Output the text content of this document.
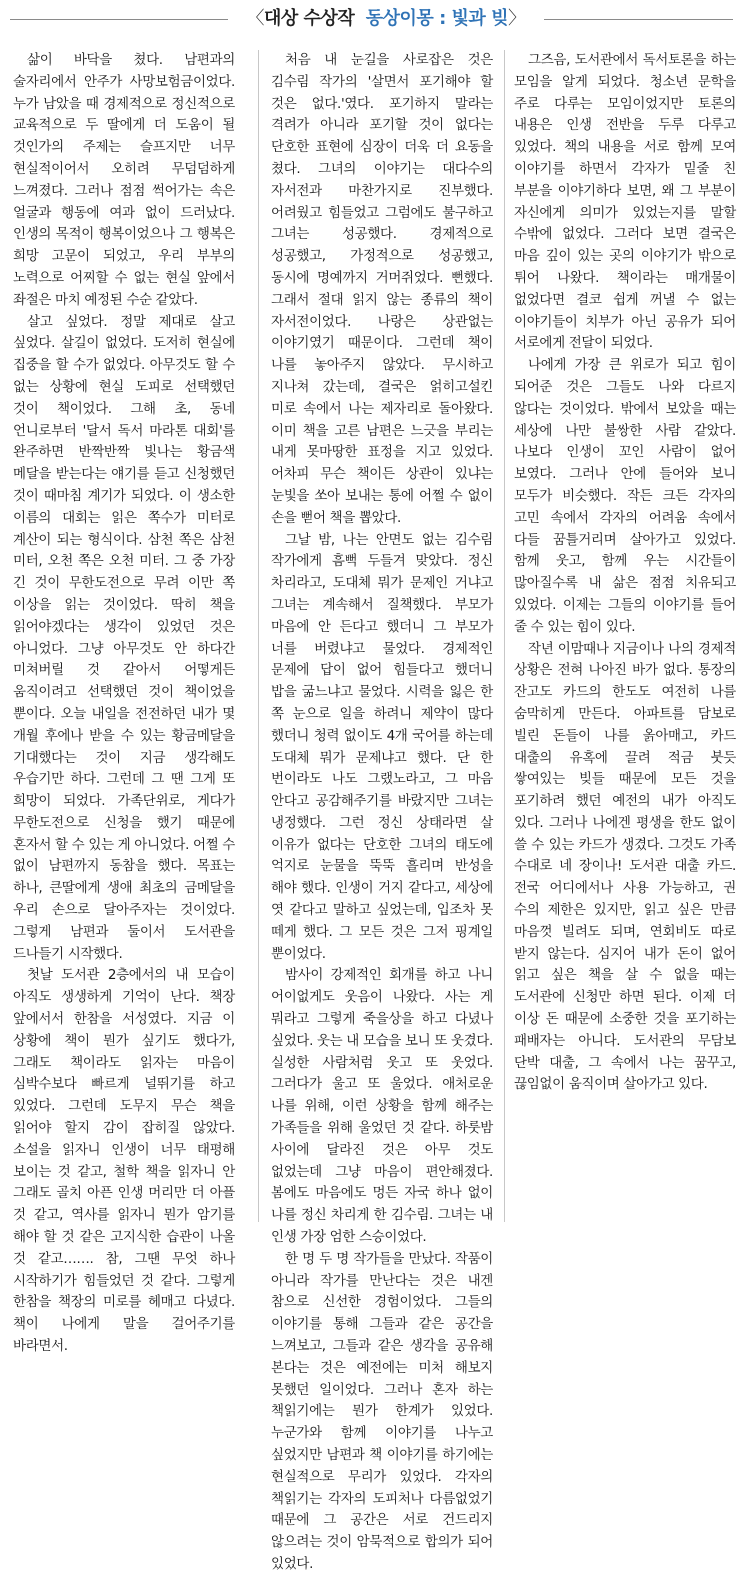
〈대상 수상작 동상이몽 : 빛과 빚〉

삶이 바닥을 쳤다. 남편과의 술자리에서 안주가 사망보험금이었다. 누가 남았을 때 경제적으로 정신적으로 교육적으로 두 딸에게 더 도움이 될 것인가의 주제는 슬프지만 너무 현실적이어서 오히려 무덤덤하게 느껴졌다. 그러나 점점 썩어가는 속은 얼굴과 행동에 여과 없이 드러났다. 인생의 목적이 행복이었으나 그 행복은 희망 고문이 되었고, 우리 부부의 노력으로 어찌할 수 없는 현실 앞에서 좌절은 마치 예정된 수순 같았다.

살고 싶었다. 정말 제대로 살고 싶었다. 살길이 없었다. 도저히 현실에 집중을 할 수가 없었다. 아무것도 할 수 없는 상황에 현실 도피로 선택했던 것이 책이었다. 그해 초, 동네 언니로부터 '달서 독서 마라톤 대회'를 완주하면 반짝반짝 빛나는 황금색 메달을 받는다는 얘기를 듣고 신청했던 것이 때마침 계기가 되었다. 이 생소한 이름의 대회는 읽은 쪽수가 미터로 계산이 되는 형식이다. 삼천 쪽은 삼천 미터, 오천 쪽은 오천 미터. 그 중 가장 긴 것이 무한도전으로 무려 이만 쪽 이상을 읽는 것이었다. 딱히 책을 읽어야겠다는 생각이 있었던 것은 아니었다. 그냥 아무것도 안 하다간 미쳐버릴 것 같아서 어떻게든 움직이려고 선택했던 것이 책이었을 뿐이다. 오늘 내일을 전전하던 내가 몇 개월 후에나 받을 수 있는 황금메달을 기대했다는 것이 지금 생각해도 우습기만 하다. 그런데 그 땐 그게 또 희망이 되었다. 가족단위로, 게다가 무한도전으로 신청을 했기 때문에 혼자서 할 수 있는 게 아니었다. 어쩔 수 없이 남편까지 동참을 했다. 목표는 하나, 큰딸에게 생애 최초의 금메달을 우리 손으로 달아주자는 것이었다. 그렇게 남편과 둘이서 도서관을 드나들기 시작했다.

첫날 도서관 2층에서의 내 모습이 아직도 생생하게 기억이 난다. 책장 앞에서서 한참을 서성였다. 지금 이 상황에 책이 뭔가 싶기도 했다가, 그래도 책이라도 읽자는 마음이 심박수보다 빠르게 널뛰기를 하고 있었다. 그런데 도무지 무슨 책을 읽어야 할지 감이 잡히질 않았다. 소설을 읽자니 인생이 너무 태평해 보이는 것 같고, 철학 책을 읽자니 안 그래도 골치 아픈 인생 머리만 더 아플 것 같고, 역사를 읽자니 뭔가 암기를 해야 할 것 같은 고지식한 습관이 나올 것 같고……. 참, 그땐 무엇 하나 시작하기가 힘들었던 것 같다. 그렇게 한참을 책장의 미로를 헤매고 다녔다. 책이 나에게 말을 걸어주기를 바라면서.

처음 내 눈길을 사로잡은 것은 김수림 작가의 '살면서 포기해야 할 것은 없다.'였다. 포기하지 말라는 격려가 아니라 포기할 것이 없다는 단호한 표현에 심장이 더욱 더 요동을 쳤다. 그녀의 이야기는 대다수의 자서전과 마찬가지로 진부했다. 어려웠고 힘들었고 그럼에도 불구하고 그녀는 성공했다. 경제적으로 성공했고, 가정적으로 성공했고, 동시에 명예까지 거머쥐었다. 뻔했다. 그래서 절대 읽지 않는 종류의 책이 자서전이었다. 나랑은 상관없는 이야기였기 때문이다. 그런데 책이 나를 놓아주지 않았다. 무시하고 지나쳐 갔는데, 결국은 얽히고설킨 미로 속에서 나는 제자리로 돌아왔다. 이미 책을 고른 남편은 느긋을 부리는 내게 못마땅한 표정을 지고 있었다. 어차피 무슨 책이든 상관이 있냐는 눈빛을 쏘아 보내는 통에 어쩔 수 없이 손을 뻗어 책을 뽑았다.

그날 밤, 나는 안면도 없는 김수림 작가에게 흠뻑 두들겨 맞았다. 정신 차리라고, 도대체 뭐가 문제인 거냐고 그녀는 계속해서 질책했다. 부모가 마음에 안 든다고 했더니 그 부모가 너를 버렸냐고 물었다. 경제적인 문제에 답이 없어 힘들다고 했더니 밥을 굶느냐고 물었다. 시력을 잃은 한 쪽 눈으로 일을 하려니 제약이 많다 했더니 청력 없이도 4개 국어를 하는데 도대체 뭐가 문제냐고 했다. 단 한 번이라도 나도 그랬노라고, 그 마음 안다고 공감해주기를 바랐지만 그녀는 냉정했다. 그런 정신 상태라면 살 이유가 없다는 단호한 그녀의 태도에 억지로 눈물을 뚝뚝 흘리며 반성을 해야 했다. 인생이 거지 같다고, 세상에 엿 같다고 말하고 싶었는데, 입조차 못 떼게 했다. 그 모든 것은 그저 핑계일 뿐이었다.

밤사이 강제적인 회개를 하고 나니 어이없게도 웃음이 나왔다. 사는 게 뭐라고 그렇게 죽을상을 하고 다녔나 싶었다. 웃는 내 모습을 보니 또 웃겼다. 실성한 사람처럼 웃고 또 웃었다. 그러다가 울고 또 울었다. 애처로운 나를 위해, 이런 상황을 함께 해주는 가족들을 위해 울었던 것 같다. 하룻밤 사이에 달라진 것은 아무 것도 없었는데 그냥 마음이 편안해졌다. 봄에도 마음에도 멍든 자국 하나 없이 나를 정신 차리게 한 김수림. 그녀는 내 인생 가장 엄한 스승이었다.

한 명 두 명 작가들을 만났다. 작품이 아니라 작가를 만난다는 것은 내겐 참으로 신선한 경험이었다. 그들의 이야기를 통해 그들과 같은 공간을 느껴보고, 그들과 같은 생각을 공유해 본다는 것은 예전에는 미처 해보지 못했던 일이었다. 그러나 혼자 하는 책읽기에는 뭔가 한계가 있었다. 누군가와 함께 이야기를 나누고 싶었지만 남편과 책 이야기를 하기에는 현실적으로 무리가 있었다. 각자의 책읽기는 각자의 도피처나 다름없었기 때문에 그 공간은 서로 건드리지 않으려는 것이 암묵적으로 합의가 되어 있었다.

그즈음, 도서관에서 독서토론을 하는 모임을 알게 되었다. 청소년 문학을 주로 다루는 모임이었지만 토론의 내용은 인생 전반을 두루 다루고 있었다. 책의 내용을 서로 함께 모여 이야기를 하면서 각자가 밑줄 친 부분을 이야기하다 보면, 왜 그 부분이 자신에게 의미가 있었는지를 말할 수밖에 없었다. 그러다 보면 결국은 마음 깊이 있는 곳의 이야기가 밖으로 튀어 나왔다. 책이라는 매개물이 없었다면 결코 쉽게 꺼낼 수 없는 이야기들이 치부가 아닌 공유가 되어 서로에게 전달이 되었다.

나에게 가장 큰 위로가 되고 힘이 되어준 것은 그들도 나와 다르지 않다는 것이었다. 밖에서 보았을 때는 세상에 나만 불쌍한 사람 같았다. 나보다 인생이 꼬인 사람이 없어 보였다. 그러나 안에 들어와 보니 모두가 비슷했다. 작든 크든 각자의 고민 속에서 각자의 어려움 속에서 다들 꿈틀거리며 살아가고 있었다. 함께 웃고, 함께 우는 시간들이 많아질수록 내 삶은 점점 치유되고 있었다. 이제는 그들의 이야기를 들어 줄 수 있는 힘이 있다.

작년 이맘때나 지금이나 나의 경제적 상황은 전혀 나아진 바가 없다. 통장의 잔고도 카드의 한도도 여전히 나를 숨막히게 만든다. 아파트를 담보로 빌린 돈들이 나를 옭아매고, 카드 대출의 유혹에 끌려 적금 붓듯 쌓여있는 빚들 때문에 모든 것을 포기하려 했던 예전의 내가 아직도 있다. 그러나 나에겐 평생을 한도 없이 쓸 수 있는 카드가 생겼다. 그것도 가족 수대로 네 장이나! 도서관 대출 카드. 전국 어디에서나 사용 가능하고, 권 수의 제한은 있지만, 읽고 싶은 만큼 마음껏 빌려도 되며, 연회비도 따로 받지 않는다. 심지어 내가 돈이 없어 읽고 싶은 책을 살 수 없을 때는 도서관에 신청만 하면 된다. 이제 더 이상 돈 때문에 소중한 것을 포기하는 패배자는 아니다. 도서관의 무담보 단박 대출, 그 속에서 나는 꿈꾸고, 끊임없이 움직이며 살아가고 있다.
